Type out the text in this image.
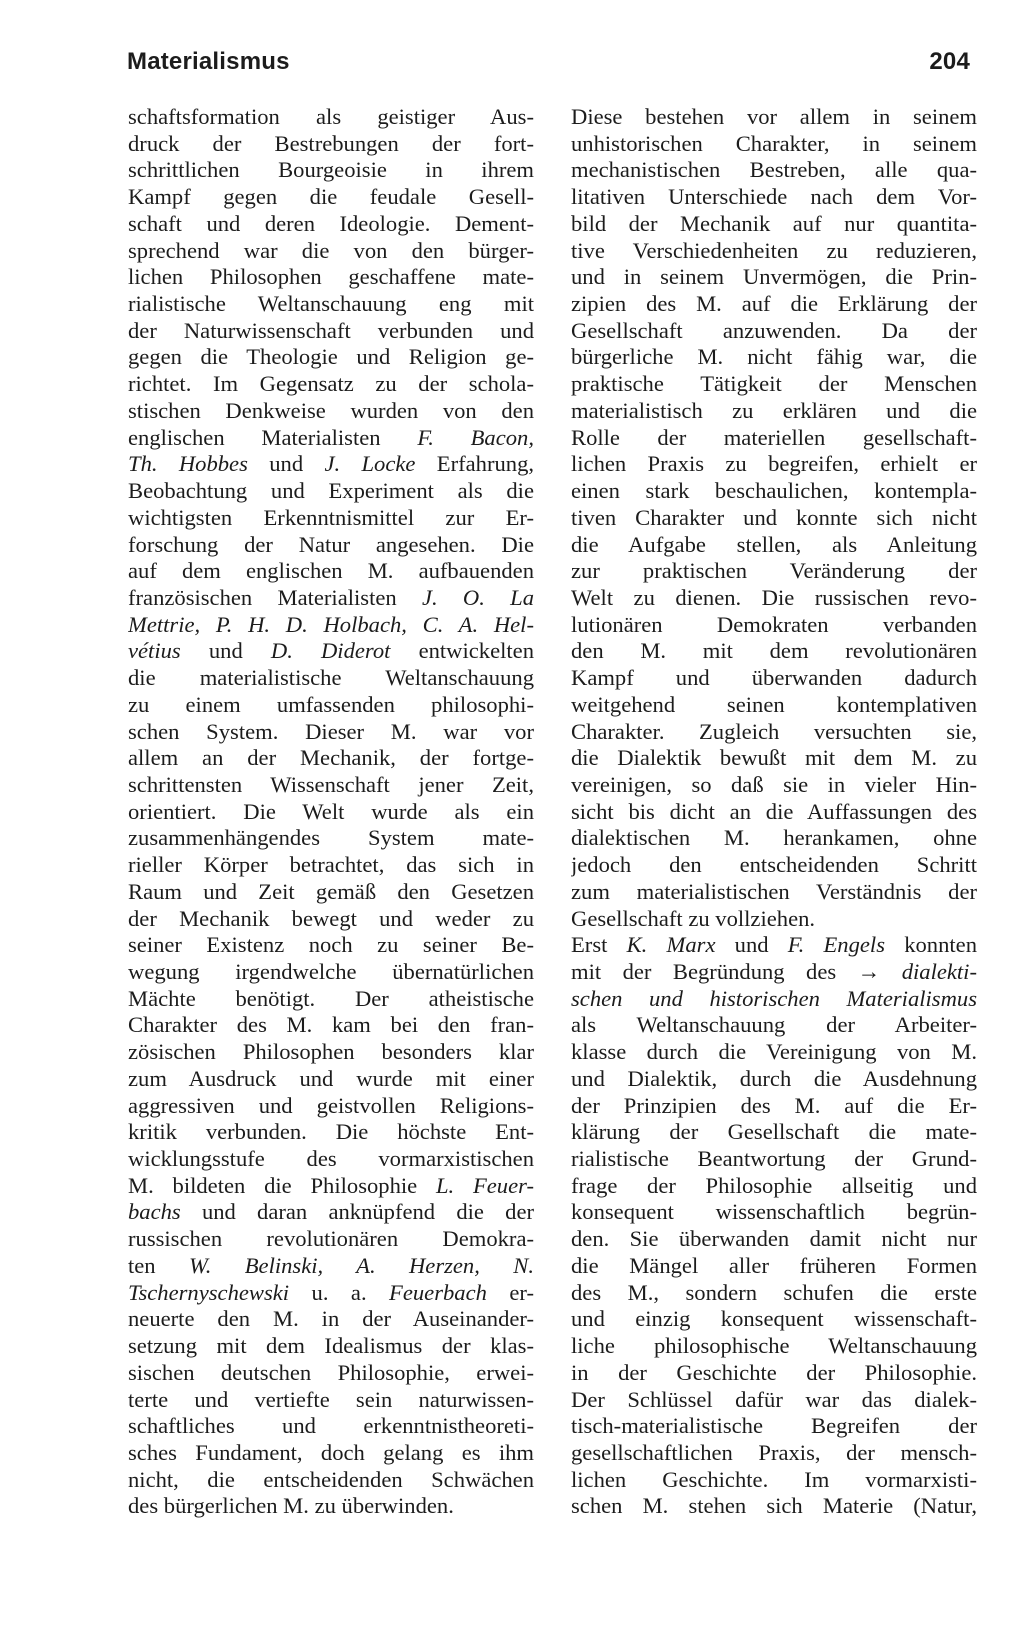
Materialismus	204
schaftsformation als geistiger Aus-
druck der Bestrebungen der fort-
schrittlichen Bourgeoisie in ihrem
Kampf gegen die feudale Gesell-
schaft und deren Ideologie. Dement-
sprechend war die von den bürger-
lichen Philosophen geschaffene mate-
rialistische Weltanschauung eng mit
der Naturwissenschaft verbunden und
gegen die Theologie und Religion ge-
richtet. Im Gegensatz zu der schola-
stischen Denkweise wurden von den
englischen Materialisten F. Bacon,
Th. Hobbes und J. Locke Erfahrung,
Beobachtung und Experiment als die
wichtigsten Erkenntnismittel zur Er-
forschung der Natur angesehen. Die
auf dem englischen M. aufbauenden
französischen Materialisten J. O. La
Mettrie, P. H. D. Holbach, C. A. Hel-
vétius und D. Diderot entwickelten
die materialistische Weltanschauung
zu einem umfassenden philosophi-
schen System. Dieser M. war vor
allem an der Mechanik, der fortge-
schrittensten Wissenschaft jener Zeit,
orientiert. Die Welt wurde als ein
zusammenhängendes System mate-
rieller Körper betrachtet, das sich in
Raum und Zeit gemäß den Gesetzen
der Mechanik bewegt und weder zu
seiner Existenz noch zu seiner Be-
wegung irgendwelche übernatürlichen
Mächte benötigt. Der atheistische
Charakter des M. kam bei den fran-
zösischen Philosophen besonders klar
zum Ausdruck und wurde mit einer
aggressiven und geistvollen Religions-
kritik verbunden. Die höchste Ent-
wicklungsstufe des vormarxistischen
M. bildeten die Philosophie L. Feuer-
bachs und daran anknüpfend die der
russischen revolutionären Demokra-
ten W. Belinski, A. Herzen, N.
Tschernyschewski u. a. Feuerbach er-
neuerte den M. in der Auseinander-
setzung mit dem Idealismus der klas-
sischen deutschen Philosophie, erwei-
terte und vertiefte sein naturwissen-
schaftliches und erkenntnistheoreti-
sches Fundament, doch gelang es ihm
nicht, die entscheidenden Schwächen
des bürgerlichen M. zu überwinden.
Diese bestehen vor allem in seinem
unhistorischen Charakter, in seinem
mechanistischen Bestreben, alle qua-
litativen Unterschiede nach dem Vor-
bild der Mechanik auf nur quantita-
tive Verschiedenheiten zu reduzieren,
und in seinem Unvermögen, die Prin-
zipien des M. auf die Erklärung der
Gesellschaft anzuwenden. Da der
bürgerliche M. nicht fähig war, die
praktische Tätigkeit der Menschen
materialistisch zu erklären und die
Rolle der materiellen gesellschaft-
lichen Praxis zu begreifen, erhielt er
einen stark beschaulichen, kontempla-
tiven Charakter und konnte sich nicht
die Aufgabe stellen, als Anleitung
zur praktischen Veränderung der
Welt zu dienen. Die russischen revo-
lutionären Demokraten verbanden
den M. mit dem revolutionären
Kampf und überwanden dadurch
weitgehend seinen kontemplativen
Charakter. Zugleich versuchten sie,
die Dialektik bewußt mit dem M. zu
vereinigen, so daß sie in vieler Hin-
sicht bis dicht an die Auffassungen des
dialektischen M. herankamen, ohne
jedoch den entscheidenden Schritt
zum materialistischen Verständnis der
Gesellschaft zu vollziehen.
Erst K. Marx und F. Engels konnten
mit der Begründung des → dialekti-
schen und historischen Materialismus
als Weltanschauung der Arbeiter-
klasse durch die Vereinigung von M.
und Dialektik, durch die Ausdehnung
der Prinzipien des M. auf die Er-
klärung der Gesellschaft die mate-
rialistische Beantwortung der Grund-
frage der Philosophie allseitig und
konsequent wissenschaftlich begrün-
den. Sie überwanden damit nicht nur
die Mängel aller früheren Formen
des M., sondern schufen die erste
und einzig konsequent wissenschaft-
liche philosophische Weltanschauung
in der Geschichte der Philosophie.
Der Schlüssel dafür war das dialek-
tisch-materialistische Begreifen der
gesellschaftlichen Praxis, der mensch-
lichen Geschichte. Im vormarxisti-
schen M. stehen sich Materie (Natur,
